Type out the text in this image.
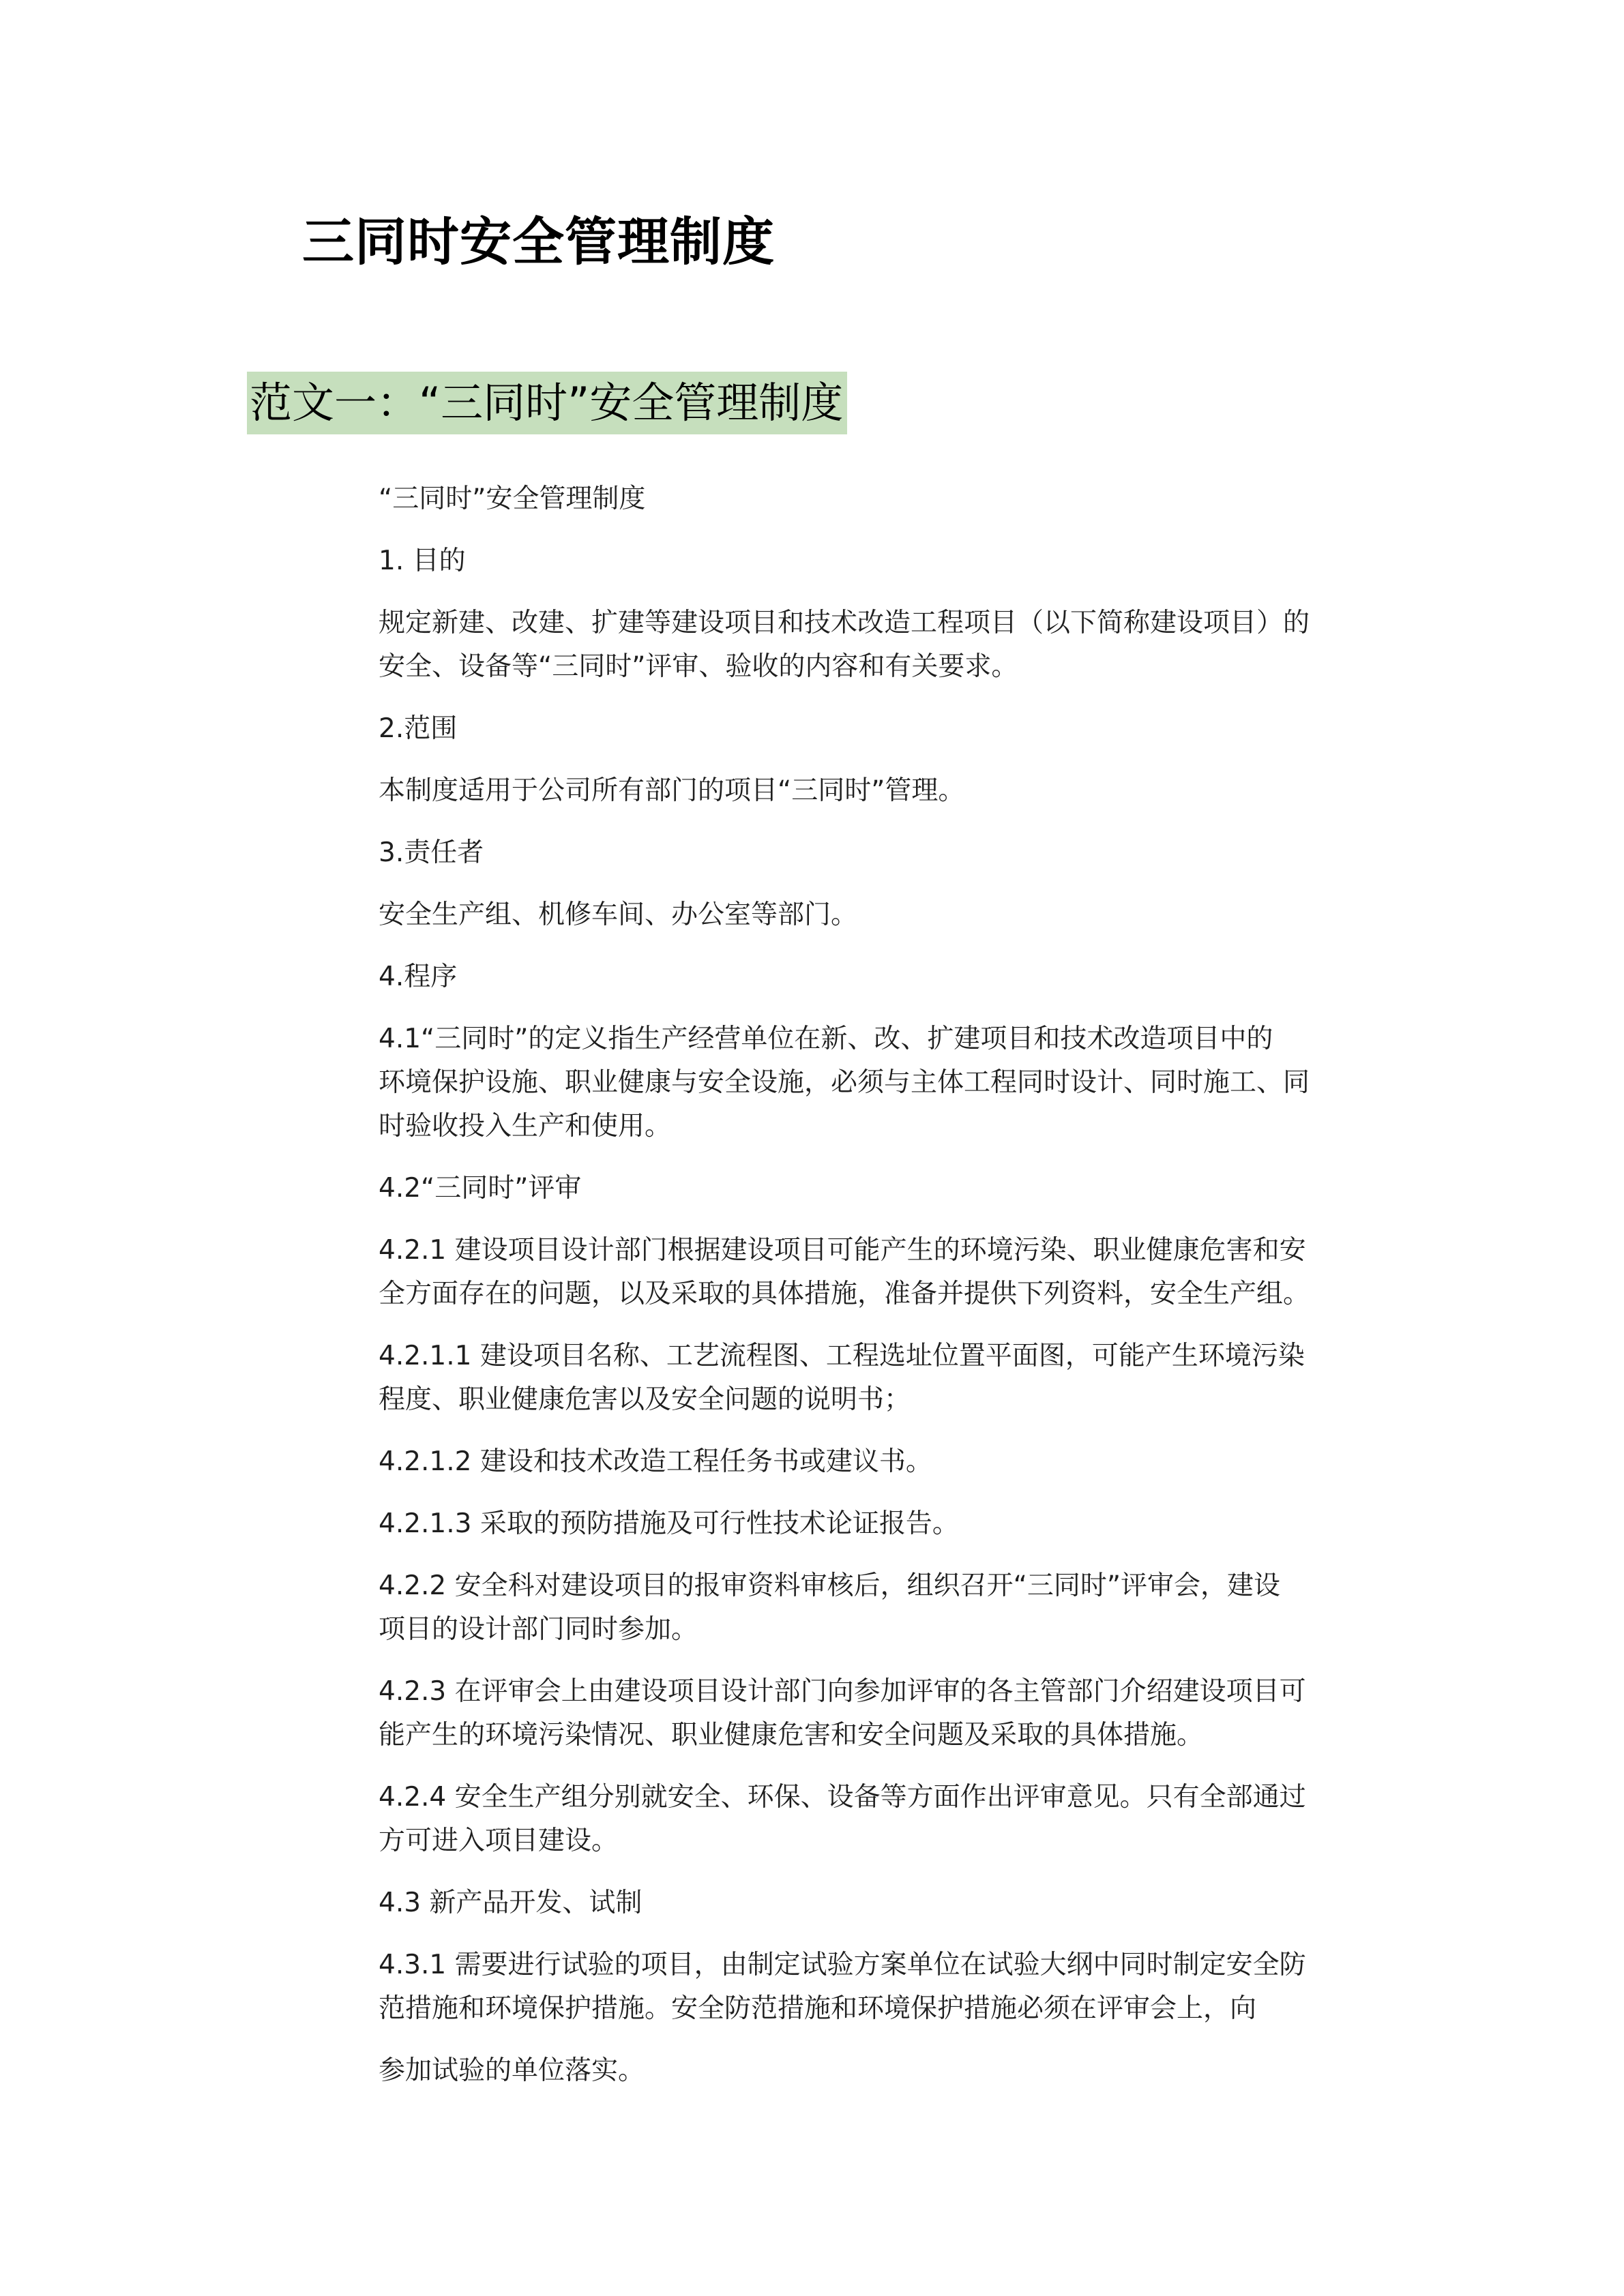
三同时安全管理制度
范文一：“三同时”安全管理制度

“三同时”安全管理制度

1. 目的

规定新建、改建、扩建等建设项目和技术改造工程项目（以下简称建设项目）的
安全、设备等“三同时”评审、验收的内容和有关要求。

2.范围

本制度适用于公司所有部门的项目“三同时”管理。

3.责任者

安全生产组、机修车间、办公室等部门。

4.程序

4.1“三同时”的定义指生产经营单位在新、改、扩建项目和技术改造项目中的
环境保护设施、职业健康与安全设施，必须与主体工程同时设计、同时施工、同
时验收投入生产和使用。

4.2“三同时”评审

4.2.1 建设项目设计部门根据建设项目可能产生的环境污染、职业健康危害和安
全方面存在的问题，以及采取的具体措施，准备并提供下列资料，安全生产组。

4.2.1.1 建设项目名称、工艺流程图、工程选址位置平面图，可能产生环境污染
程度、职业健康危害以及安全问题的说明书；

4.2.1.2 建设和技术改造工程任务书或建议书。

4.2.1.3 采取的预防措施及可行性技术论证报告。

4.2.2 安全科对建设项目的报审资料审核后，组织召开“三同时”评审会，建设
项目的设计部门同时参加。

4.2.3 在评审会上由建设项目设计部门向参加评审的各主管部门介绍建设项目可
能产生的环境污染情况、职业健康危害和安全问题及采取的具体措施。

4.2.4 安全生产组分别就安全、环保、设备等方面作出评审意见。只有全部通过
方可进入项目建设。

4.3 新产品开发、试制

4.3.1 需要进行试验的项目，由制定试验方案单位在试验大纲中同时制定安全防
范措施和环境保护措施。安全防范措施和环境保护措施必须在评审会上，向

参加试验的单位落实。
